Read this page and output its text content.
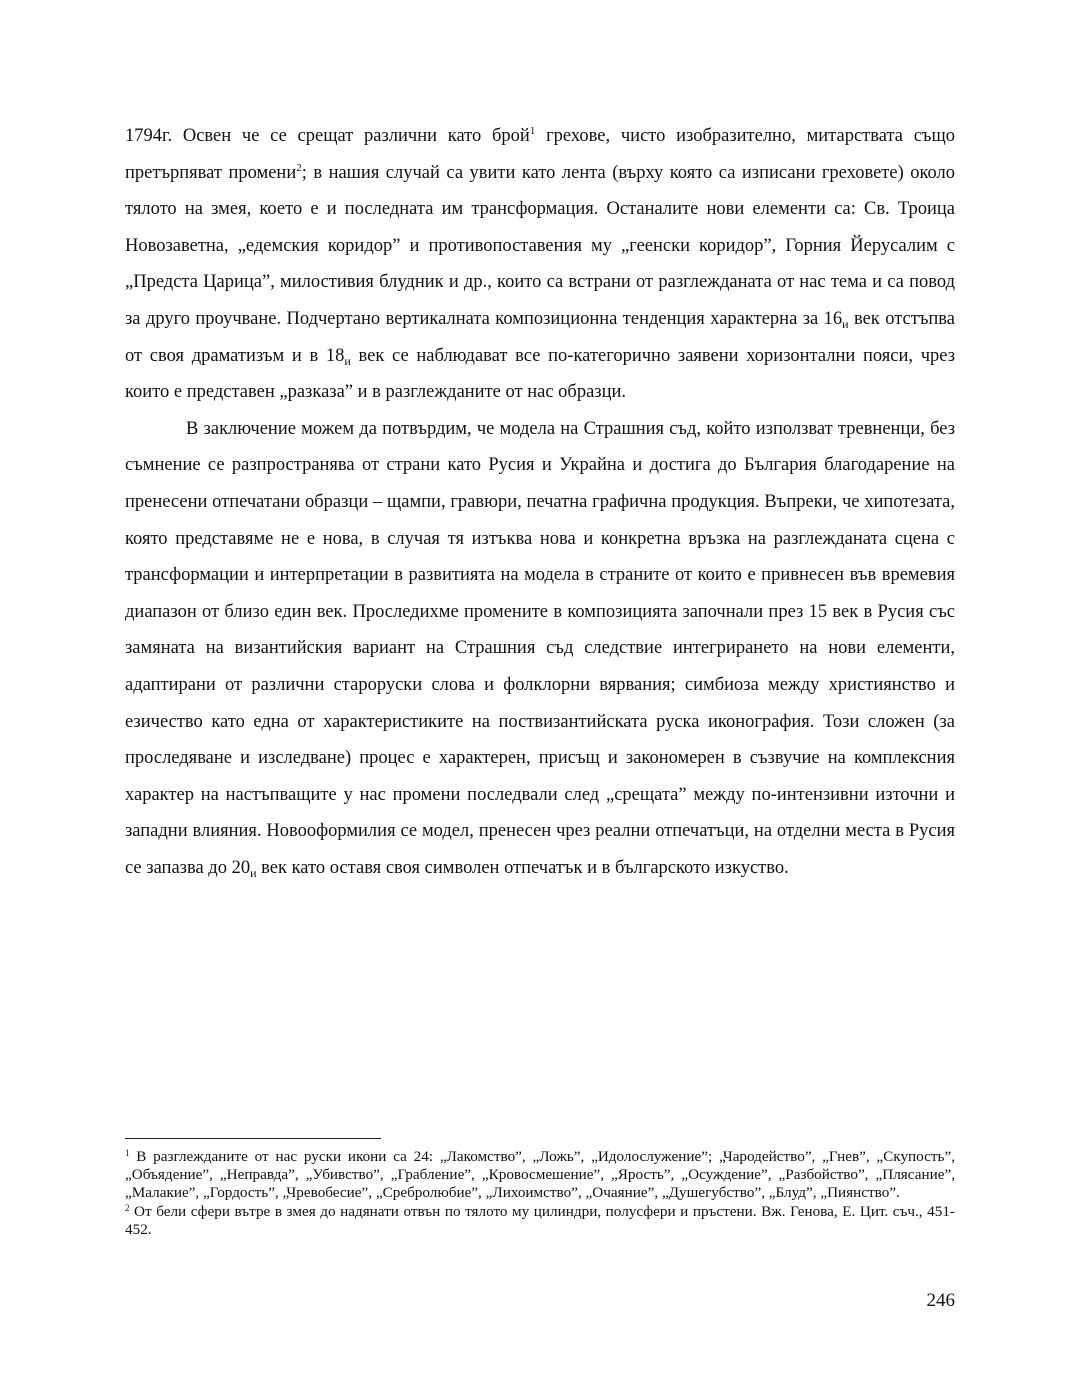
1794г. Освен че се срещат различни като брой$^1$ грехове, чисто изобразително, митарствата също претърпяват промени$^2$; в нашия случай са увити като лента (върху която са изписани греховете) около тялото на змея, което е и последната им трансформация. Останалите нови елементи са: Св. Троица Новозаветна, „едемския коридор” и противопоставения му „геенски коридор”, Горния Йерусалим с „Предста Царица”, милостивия блудник и др., които са встрани от разглежданата от нас тема и са повод за друго проучване. Подчертано вертикалната композиционна тенденция характерна за $16_и$ век отстъпва от своя драматизъм и в $18_и$ век се наблюдават все по-категорично заявени хоризонтални пояси, чрез които е представен „разказа” и в разглежданите от нас образци.

В заключение можем да потвърдим, че модела на Страшния съд, който използват тревненци, без съмнение се разпространява от страни като Русия и Украйна и достига до България благодарение на пренесени отпечатани образци – щампи, гравюри, печатна графична продукция. Въпреки, че хипотезата, която представяме не е нова, в случая тя изтъква нова и конкретна връзка на разглежданата сцена с трансформации и интерпретации в развитията на модела в страните от които е привнесен във времевия диапазон от близо един век. Проследихме промените в композицията започнали през 15 век в Русия със замяната на византийския вариант на Страшния съд следствие интегрирането на нови елементи, адаптирани от различни староруски слова и фолклорни вярвания; симбиоза между християнство и езичество като една от характеристиките на поствизантийската руска иконография. Този сложен (за проследяване и изследване) процес е характерен, присъщ и закономерен в съзвучие на комплексния характер на настъпващите у нас промени последвали след „срещата” между по-интензивни източни и западни влияния. Новооформилия се модел, пренесен чрез реални отпечатъци, на отделни места в Русия се запазва до $20_и$ век като оставя своя символен отпечатък и в българското изкуство.

$^1$ В разглежданите от нас руски икони са 24: „Лакомство”, „Ложь”, „Идолослужение”; „Чародейство”, „Гнев”, „Скупость”, „Объядение”, „Неправда”, „Убивство”, „Грабление”, „Кровосмешение”, „Ярость”, „Осуждение”, „Разбойство”, „Плясание”, „Малакие”, „Гордость”, „Чревобесие”, „Сребролюбие”, „Лихоимство”, „Очаяние”, „Душегубство”, „Блуд”, „Пиянство”.

$^2$ От бели сфери вътре в змея до надянати отвън по тялото му цилиндри, полусфери и пръстени. Вж. Генова, Е. Цит. съч., 451- 452.

246
